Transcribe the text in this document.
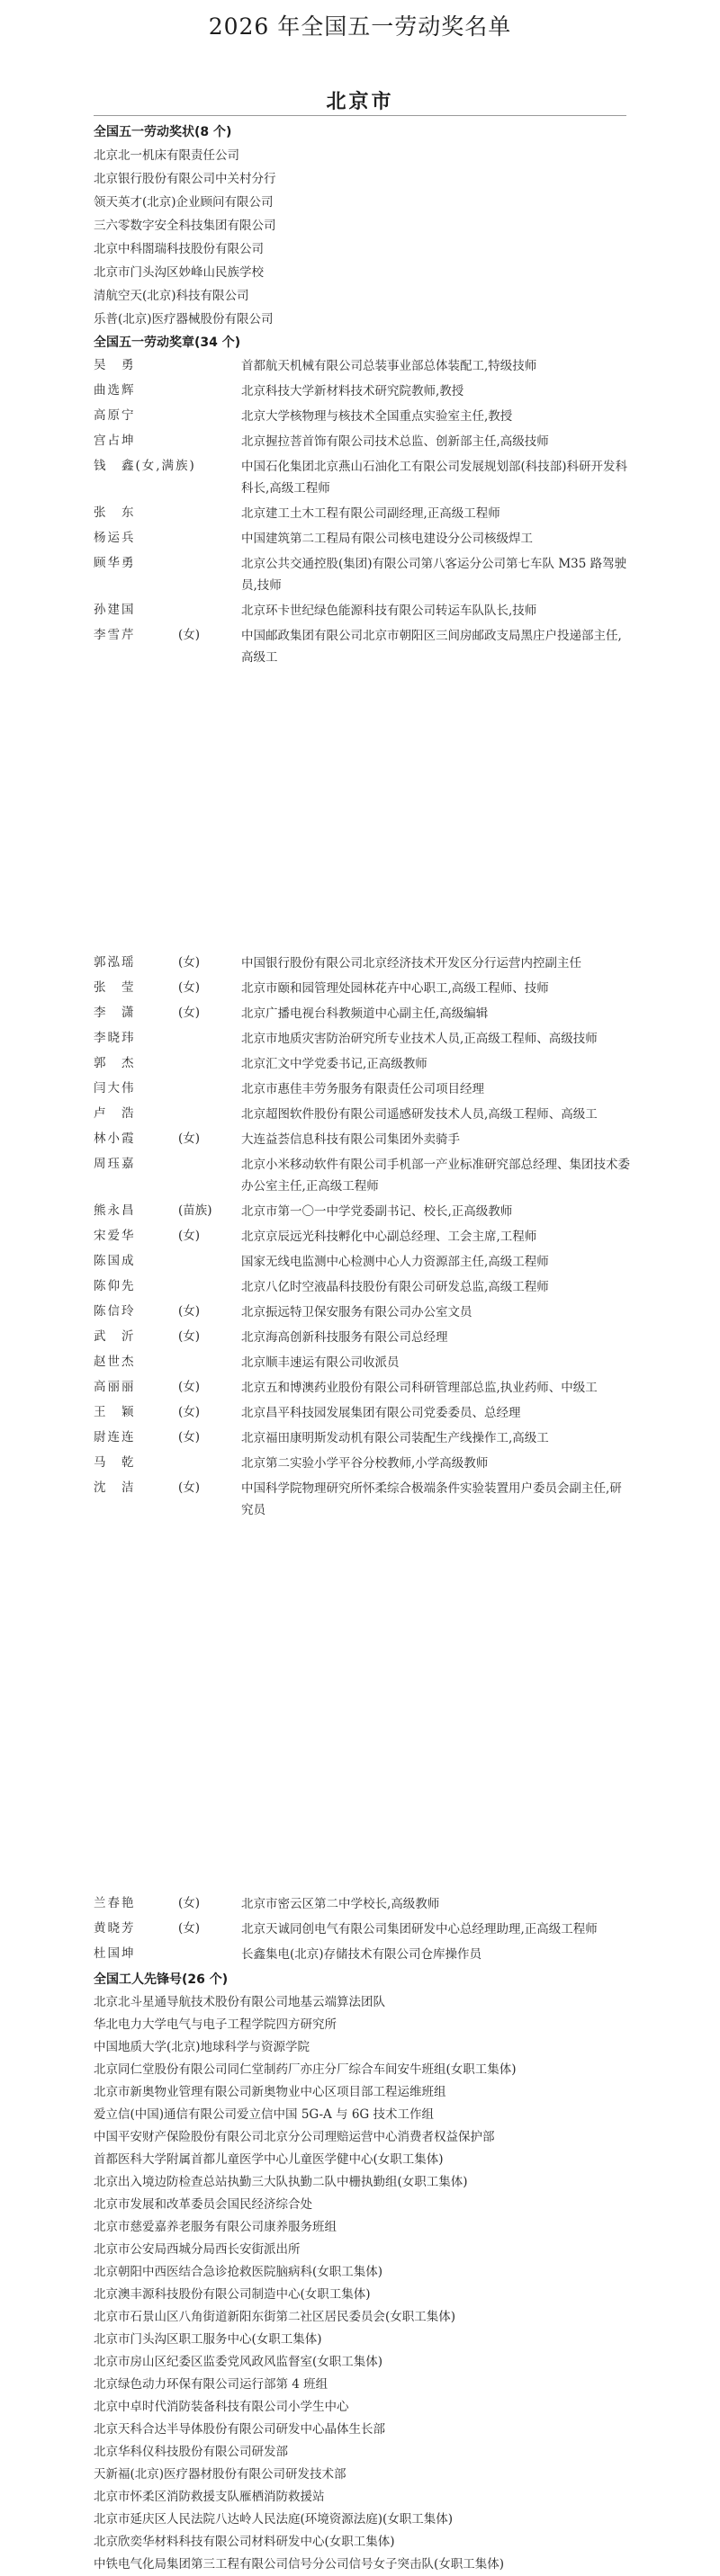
2026 年全国五一劳动奖名单
北京市
全国五一劳动奖状(8 个)
北京北一机床有限责任公司
北京银行股份有限公司中关村分行
领天英才(北京)企业顾问有限公司
三六零数字安全科技集团有限公司
北京中科閤瑞科技股份有限公司
北京市门头沟区妙峰山民族学校
清航空天(北京)科技有限公司
乐普(北京)医疗器械股份有限公司
全国五一劳动奖章(34 个)
吴　勇	首都航天机械有限公司总装事业部总体装配工,特级技师
曲选辉	北京科技大学新材料技术研究院教师,教授
高原宁	北京大学核物理与核技术全国重点实验室主任,教授
宫占坤	北京握拉菩首饰有限公司技术总监、创新部主任,高级技师
钱　鑫(女,满族)	中国石化集团北京燕山石油化工有限公司发展规划部(科技部)科研开发科科长,高级工程师
张　东	北京建工土木工程有限公司副经理,正高级工程师
杨运兵	中国建筑第二工程局有限公司核电建设分公司核级焊工
顾华勇	北京公共交通控股(集团)有限公司第八客运分公司第七车队 M35 路驾驶员,技师
孙建国	北京环卡世纪绿色能源科技有限公司转运车队队长,技师
李雪芹	(女)	中国邮政集团有限公司北京市朝阳区三间房邮政支局黑庄户投递部主任,高级工
郭泓瑶	(女)	中国银行股份有限公司北京经济技术开发区分行运营内控副主任
张　莹	(女)	北京市颐和园管理处园林花卉中心职工,高级工程师、技师
李　潇	(女)	北京广播电视台科教频道中心副主任,高级编辑
李晓玮	北京市地质灾害防治研究所专业技术人员,正高级工程师、高级技师
郭　杰	北京汇文中学党委书记,正高级教师
闫大伟	北京市惠佳丰劳务服务有限责任公司项目经理
卢　浩	北京超图软件股份有限公司遥感研发技术人员,高级工程师、高级工
林小霞	(女)	大连益荟信息科技有限公司集团外卖骑手
周珏嘉	北京小米移动软件有限公司手机部一产业标准研究部总经理、集团技术委办公室主任,正高级工程师
熊永昌	(苗族)	北京市第一〇一中学党委副书记、校长,正高级教师
宋爱华	(女)	北京京辰远光科技孵化中心副总经理、工会主席,工程师
陈国成	国家无线电监测中心检测中心人力资源部主任,高级工程师
陈仰先	北京八亿时空液晶科技股份有限公司研发总监,高级工程师
陈信玲	(女)	北京振远特卫保安服务有限公司办公室文员
武　沂	(女)	北京海高创新科技服务有限公司总经理
赵世杰	北京顺丰速运有限公司收派员
高丽丽	(女)	北京五和博澳药业股份有限公司科研管理部总监,执业药师、中级工
王　颖	(女)	北京昌平科技园发展集团有限公司党委委员、总经理
尉连连	(女)	北京福田康明斯发动机有限公司装配生产线操作工,高级工
马　乾	北京第二实验小学平谷分校教师,小学高级教师
沈　洁	(女)	中国科学院物理研究所怀柔综合极端条件实验装置用户委员会副主任,研究员
兰春艳	(女)	北京市密云区第二中学校长,高级教师
黄晓芳	(女)	北京天诚同创电气有限公司集团研发中心总经理助理,正高级工程师
杜国坤	长鑫集电(北京)存储技术有限公司仓库操作员
全国工人先锋号(26 个)
北京北斗星通导航技术股份有限公司地基云端算法团队
华北电力大学电气与电子工程学院四方研究所
中国地质大学(北京)地球科学与资源学院
北京同仁堂股份有限公司同仁堂制药厂亦庄分厂综合车间安牛班组(女职工集体)
北京市新奥物业管理有限公司新奥物业中心区项目部工程运维班组
爱立信(中国)通信有限公司爱立信中国 5G-A 与 6G 技术工作组
中国平安财产保险股份有限公司北京分公司理赔运营中心消费者权益保护部
首都医科大学附属首都儿童医学中心儿童医学健中心(女职工集体)
北京出入境边防检查总站执勤三大队执勤二队中栅执勤组(女职工集体)
北京市发展和改革委员会国民经济综合处
北京市慈爱嘉养老服务有限公司康养服务班组
北京市公安局西城分局西长安街派出所
北京朝阳中西医结合急诊抢救医院脑病科(女职工集体)
北京澳丰源科技股份有限公司制造中心(女职工集体)
北京市石景山区八角街道新阳东街第二社区居民委员会(女职工集体)
北京市门头沟区职工服务中心(女职工集体)
北京市房山区纪委区监委党风政风监督室(女职工集体)
北京绿色动力环保有限公司运行部第 4 班组
北京中卓时代消防装备科技有限公司小学生中心
北京天科合达半导体股份有限公司研发中心晶体生长部
北京华科仪科技股份有限公司研发部
天新福(北京)医疗器材股份有限公司研发技术部
北京市怀柔区消防救援支队雁栖消防救援站
北京市延庆区人民法院八达岭人民法庭(环境资源法庭)(女职工集体)
北京欣奕华材料科技有限公司材料研发中心(女职工集体)
中铁电气化局集团第三工程有限公司信号分公司信号女子突击队(女职工集体)
